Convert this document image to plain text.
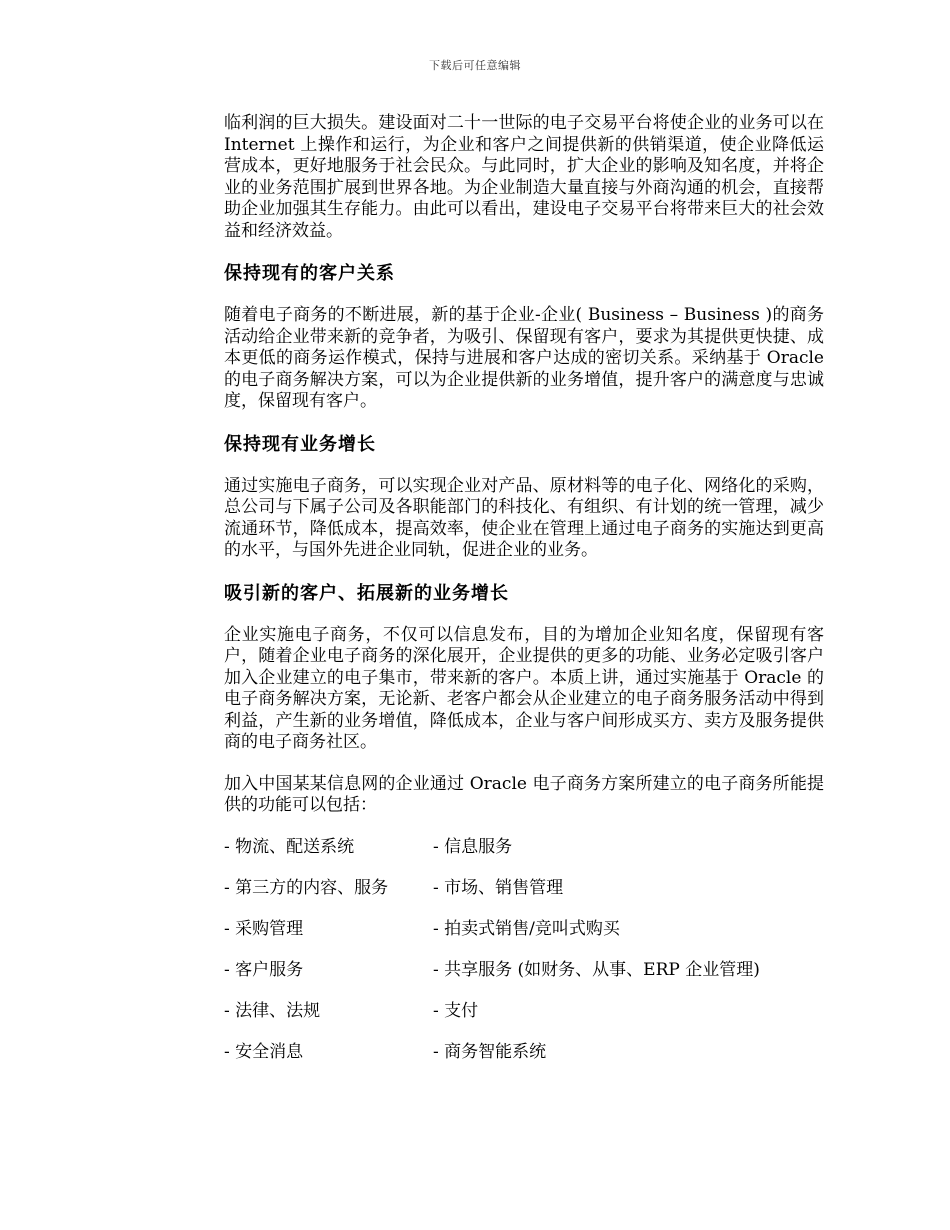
下载后可任意编辑

临利润的巨大损失。建设面对二十一世际的电子交易平台将使企业的业务可以在 Internet 上操作和运行，为企业和客户之间提供新的供销渠道，使企业降低运营成本，更好地服务于社会民众。与此同时，扩大企业的影响及知名度，并将企业的业务范围扩展到世界各地。为企业制造大量直接与外商沟通的机会，直接帮助企业加强其生存能力。由此可以看出，建设电子交易平台将带来巨大的社会效益和经济效益。

保持现有的客户关系

随着电子商务的不断进展，新的基于企业-企业( Business – Business )的商务活动给企业带来新的竞争者，为吸引、保留现有客户，要求为其提供更快捷、成本更低的商务运作模式，保持与进展和客户达成的密切关系。采纳基于 Oracle 的电子商务解决方案，可以为企业提供新的业务增值，提升客户的满意度与忠诚度，保留现有客户。

保持现有业务增长

通过实施电子商务，可以实现企业对产品、原材料等的电子化、网络化的采购，总公司与下属子公司及各职能部门的科技化、有组织、有计划的统一管理，减少流通环节，降低成本，提高效率，使企业在管理上通过电子商务的实施达到更高的水平，与国外先进企业同轨，促进企业的业务。

吸引新的客户、拓展新的业务增长

企业实施电子商务，不仅可以信息发布，目的为增加企业知名度，保留现有客户，随着企业电子商务的深化展开，企业提供的更多的功能、业务必定吸引客户加入企业建立的电子集市，带来新的客户。本质上讲，通过实施基于 Oracle 的电子商务解决方案，无论新、老客户都会从企业建立的电子商务服务活动中得到利益，产生新的业务增值，降低成本，企业与客户间形成买方、卖方及服务提供商的电子商务社区。

加入中国某某信息网的企业通过 Oracle 电子商务方案所建立的电子商务所能提供的功能可以包括：

- 物流、配送系统	- 信息服务
- 第三方的内容、服务	- 市场、销售管理
- 采购管理	- 拍卖式销售/竞叫式购买
- 客户服务	- 共享服务 (如财务、从事、ERP 企业管理)
- 法律、法规	- 支付
- 安全消息	- 商务智能系统
